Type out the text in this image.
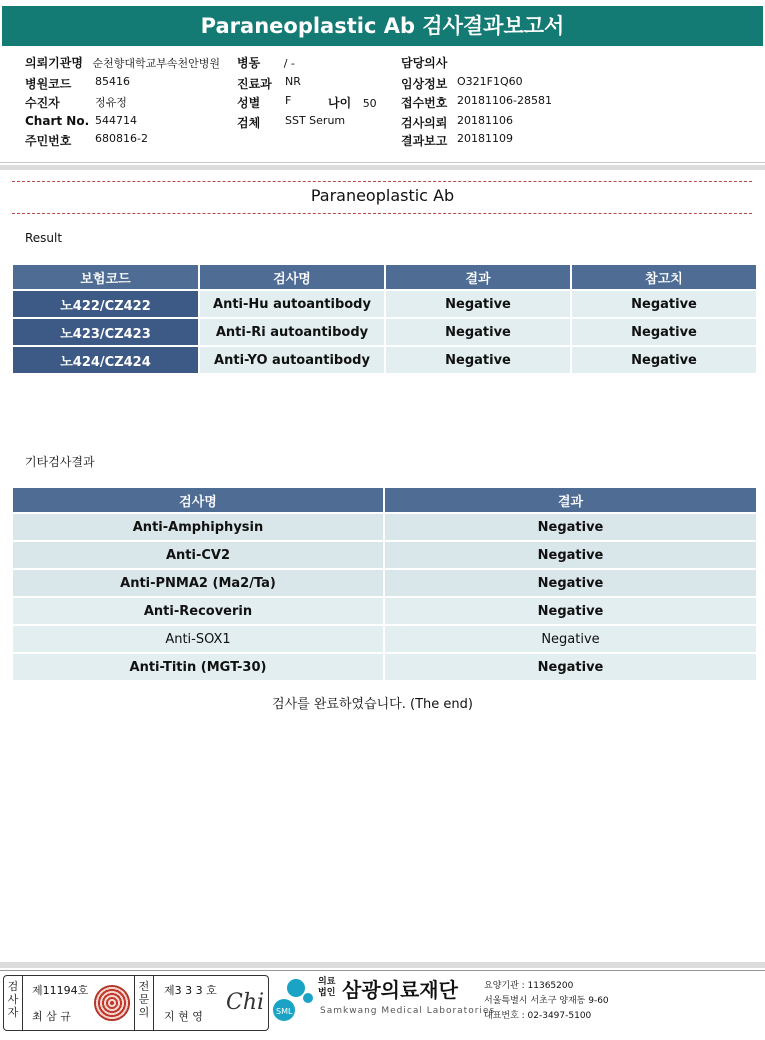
Paraneoplastic Ab 검사결과보고서
의뢰기관명 순천향대학교부속천안병원
병원코드 85416
수진자	정유정
Chart No. 544714
주민번호 680816-2
병동 / -
진료과 NR
성별 F	나이 50
검체 SST Serum
담당의사
임상정보 O321F1Q60
접수번호 20181106-28581
검사의뢰 20181106
결과보고 20181109
Paraneoplastic Ab
Result
보험코드	검사명	결과	참고치
노422/CZ422	Anti-Hu autoantibody	Negative	Negative
노423/CZ423	Anti-Ri autoantibody	Negative	Negative
노424/CZ424	Anti-YO autoantibody	Negative	Negative
기타검사결과
검사명	결과
Anti-Amphiphysin	Negative
Anti-CV2	Negative
Anti-PNMA2 (Ma2/Ta)	Negative
Anti-Recoverin	Negative
Anti-SOX1	Negative
Anti-Titin (MGT-30)	Negative
검사를 완료하였습니다. (The end)
검사자
제11194호
최 삼 규
전문의
제3 3 3 호
지 현 영
Chi SML
의료법인 삼광의료재단
Samkwang Medical Laboratories
요양기관 : 11365200
서울특별시 서초구 양재동 9-60
대표번호 : 02-3497-5100
